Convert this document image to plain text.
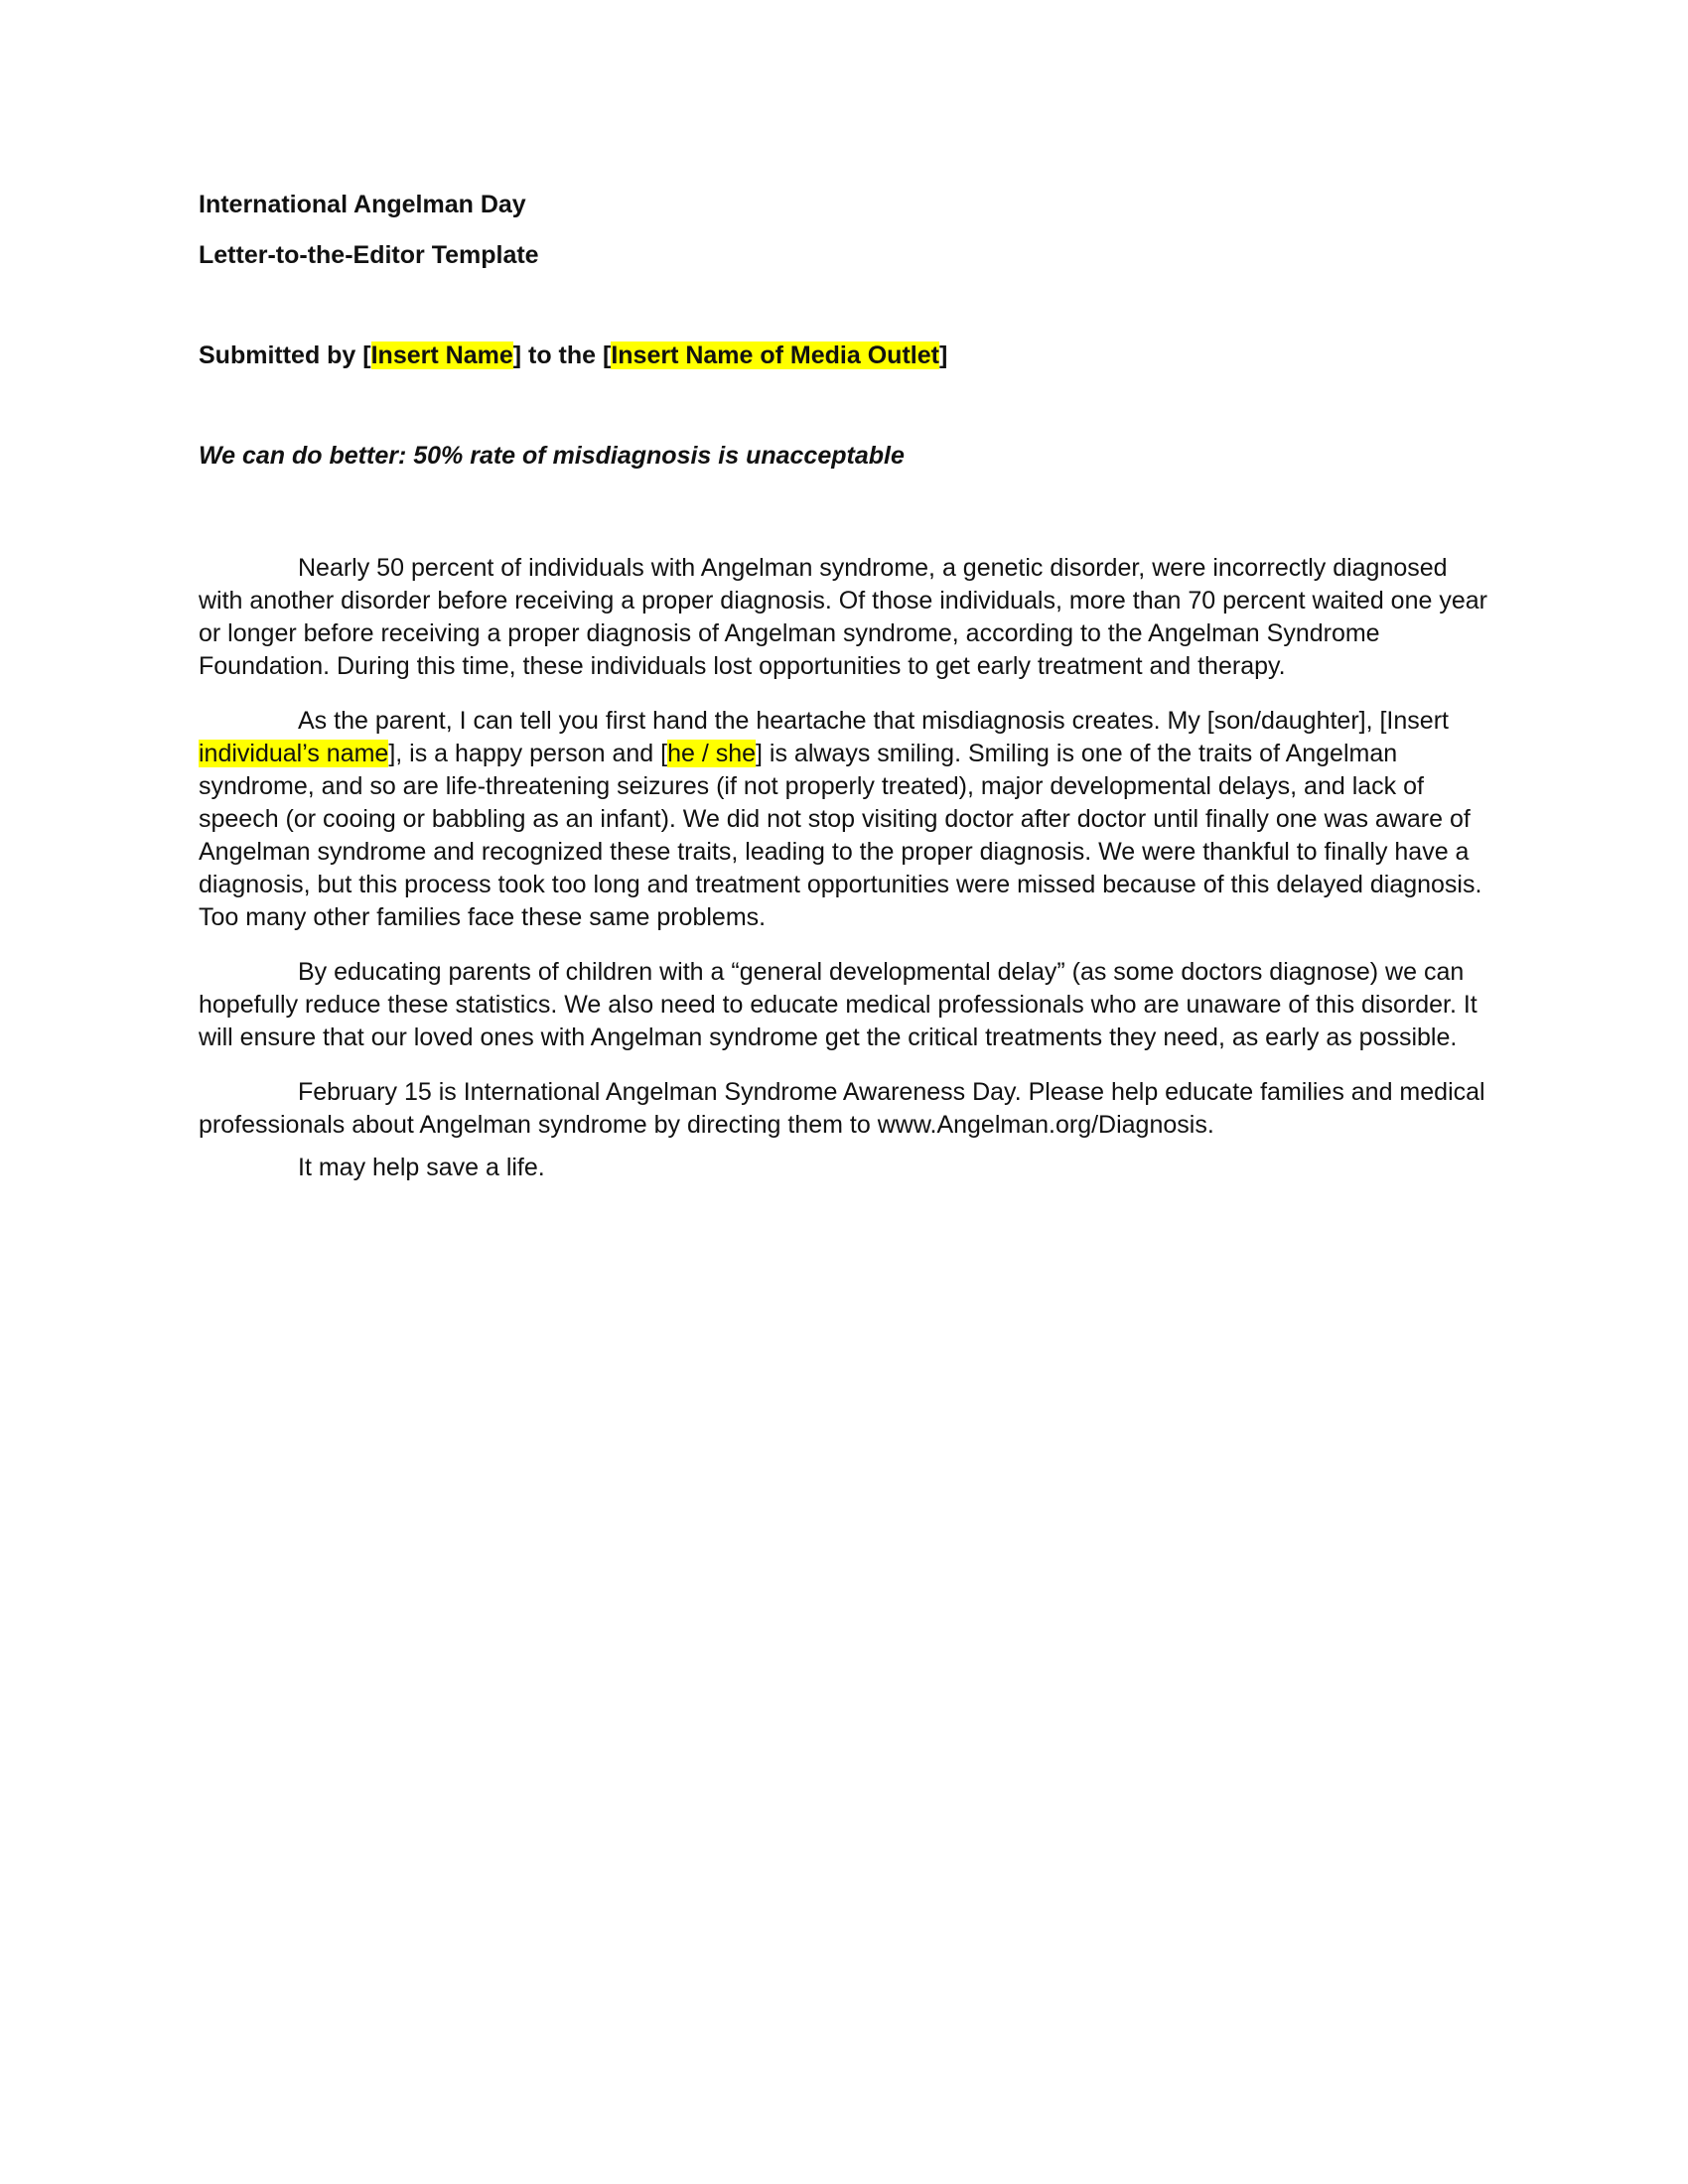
International Angelman Day

Letter-to-the-Editor Template

Submitted by [Insert Name] to the [Insert Name of Media Outlet]

We can do better: 50% rate of misdiagnosis is unacceptable

Nearly 50 percent of individuals with Angelman syndrome, a genetic disorder, were incorrectly diagnosed with another disorder before receiving a proper diagnosis. Of those individuals, more than 70 percent waited one year or longer before receiving a proper diagnosis of Angelman syndrome, according to the Angelman Syndrome Foundation. During this time, these individuals lost opportunities to get early treatment and therapy.

As the parent, I can tell you first hand the heartache that misdiagnosis creates. My [son/daughter], [Insert individual’s name], is a happy person and [he / she] is always smiling. Smiling is one of the traits of Angelman syndrome, and so are life-threatening seizures (if not properly treated), major developmental delays, and lack of speech (or cooing or babbling as an infant). We did not stop visiting doctor after doctor until finally one was aware of Angelman syndrome and recognized these traits, leading to the proper diagnosis. We were thankful to finally have a diagnosis, but this process took too long and treatment opportunities were missed because of this delayed diagnosis. Too many other families face these same problems.

By educating parents of children with a “general developmental delay” (as some doctors diagnose) we can hopefully reduce these statistics. We also need to educate medical professionals who are unaware of this disorder. It will ensure that our loved ones with Angelman syndrome get the critical treatments they need, as early as possible.

February 15 is International Angelman Syndrome Awareness Day. Please help educate families and medical professionals about Angelman syndrome by directing them to www.Angelman.org/Diagnosis.

It may help save a life.
